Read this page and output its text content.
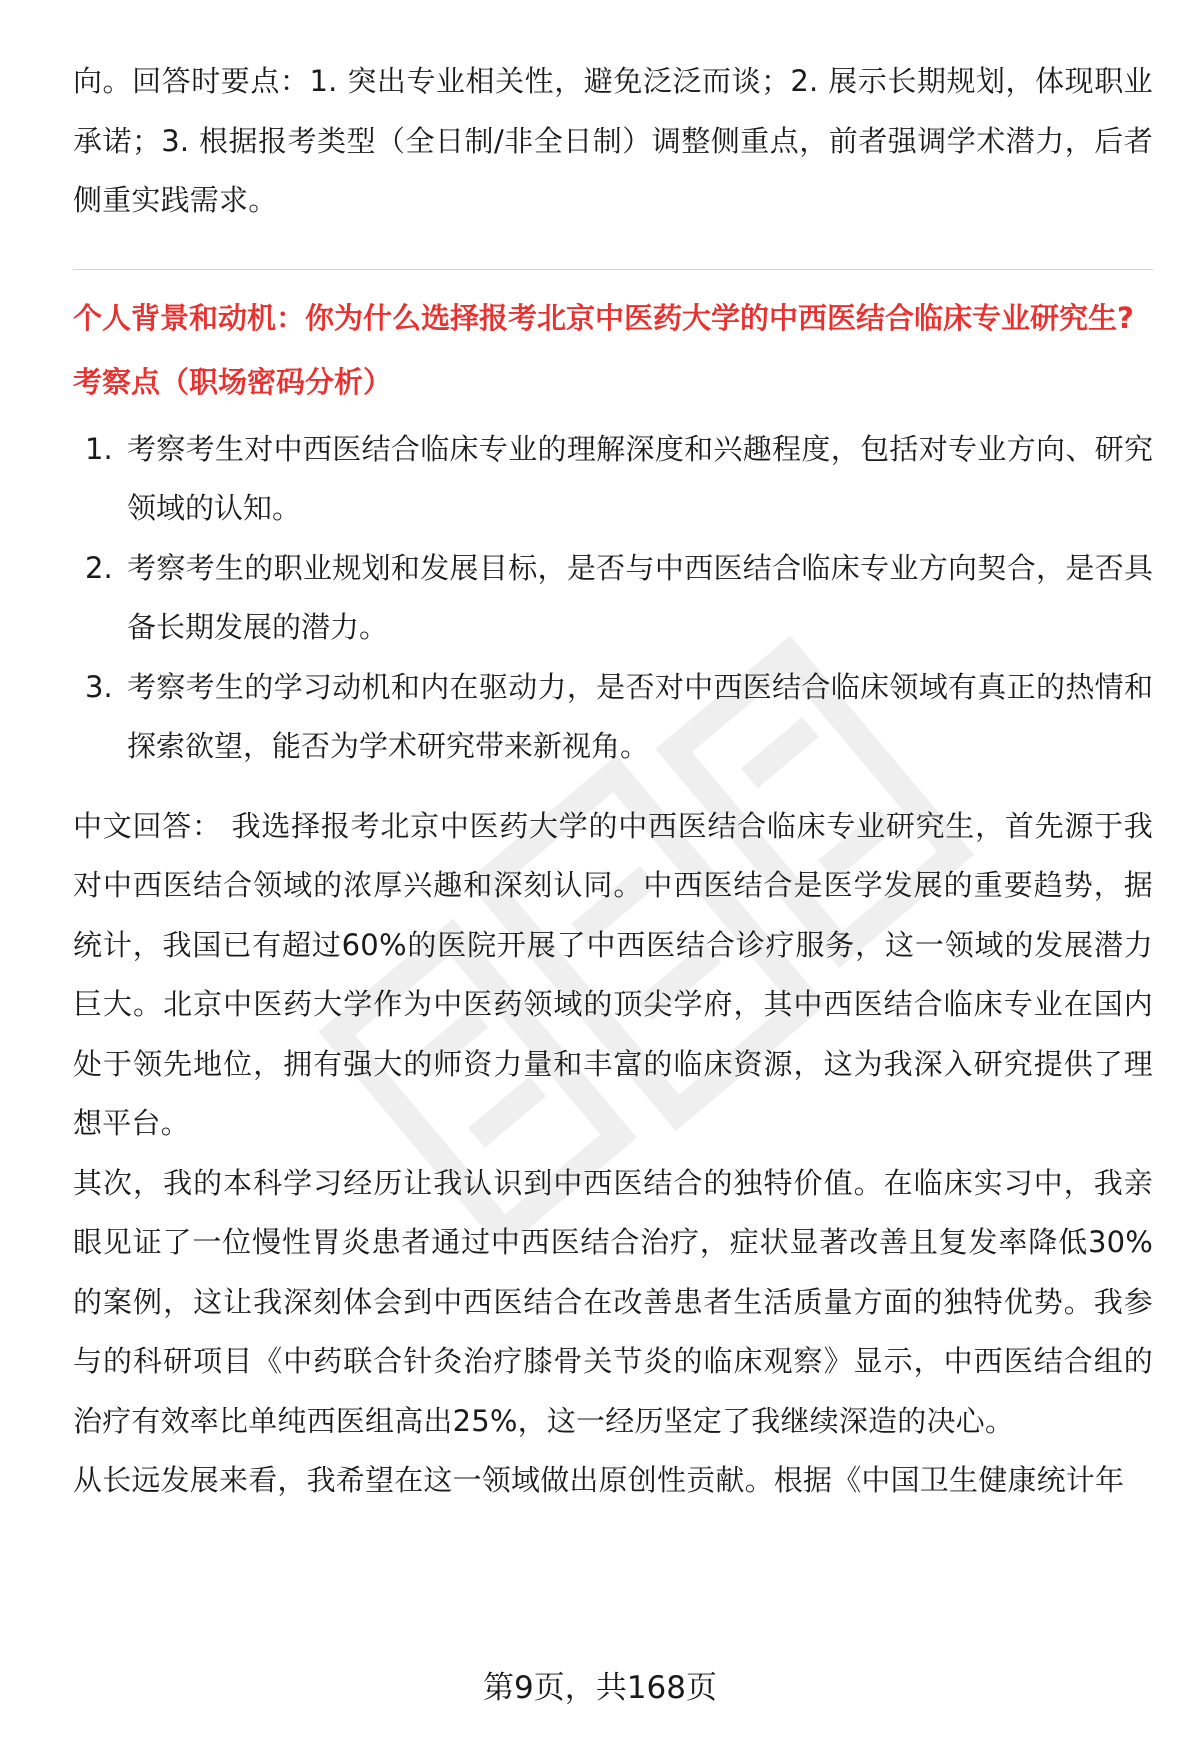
向。回答时要点：1. 突出专业相关性，避免泛泛而谈；2. 展示长期规划，体现职业承诺；3. 根据报考类型（全日制/非全日制）调整侧重点，前者强调学术潜力，后者侧重实践需求。

个人背景和动机：你为什么选择报考北京中医药大学的中西医结合临床专业研究生?

考察点（职场密码分析）

1. 考察考生对中西医结合临床专业的理解深度和兴趣程度，包括对专业方向、研究领域的认知。
2. 考察考生的职业规划和发展目标，是否与中西医结合临床专业方向契合，是否具备长期发展的潜力。
3. 考察考生的学习动机和内在驱动力，是否对中西医结合临床领域有真正的热情和探索欲望，能否为学术研究带来新视角。

中文回答： 我选择报考北京中医药大学的中西医结合临床专业研究生，首先源于我对中西医结合领域的浓厚兴趣和深刻认同。中西医结合是医学发展的重要趋势，据统计，我国已有超过60%的医院开展了中西医结合诊疗服务，这一领域的发展潜力巨大。北京中医药大学作为中医药领域的顶尖学府，其中西医结合临床专业在国内处于领先地位，拥有强大的师资力量和丰富的临床资源，这为我深入研究提供了理想平台。

其次，我的本科学习经历让我认识到中西医结合的独特价值。在临床实习中，我亲眼见证了一位慢性胃炎患者通过中西医结合治疗，症状显著改善且复发率降低30%的案例，这让我深刻体会到中西医结合在改善患者生活质量方面的独特优势。我参与的科研项目《中药联合针灸治疗膝骨关节炎的临床观察》显示，中西医结合组的治疗有效率比单纯西医组高出25%，这一经历坚定了我继续深造的决心。

从长远发展来看，我希望在这一领域做出原创性贡献。根据《中国卫生健康统计年

第9页，共168页
